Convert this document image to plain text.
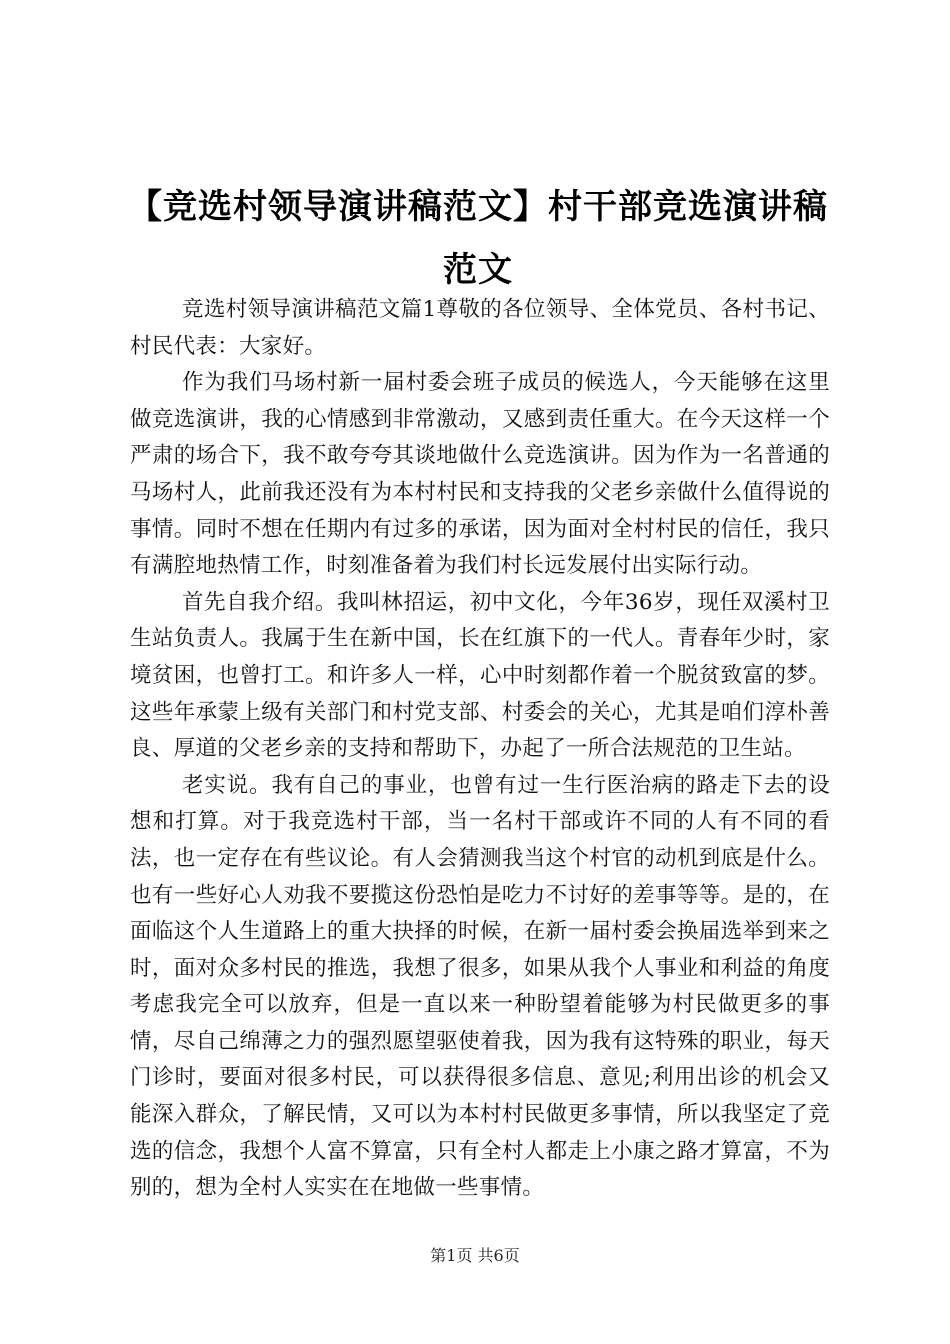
【竞选村领导演讲稿范文】村干部竞选演讲稿范文

竞选村领导演讲稿范文篇1尊敬的各位领导、全体党员、各村书记、村民代表：大家好。

作为我们马场村新一届村委会班子成员的候选人，今天能够在这里做竞选演讲，我的心情感到非常激动，又感到责任重大。在今天这样一个严肃的场合下，我不敢夸夸其谈地做什么竞选演讲。因为作为一名普通的马场村人，此前我还没有为本村村民和支持我的父老乡亲做什么值得说的事情。同时不想在任期内有过多的承诺，因为面对全村村民的信任，我只有满腔地热情工作，时刻准备着为我们村长远发展付出实际行动。

首先自我介绍。我叫林招运，初中文化，今年36岁，现任双溪村卫生站负责人。我属于生在新中国，长在红旗下的一代人。青春年少时，家境贫困，也曾打工。和许多人一样，心中时刻都作着一个脱贫致富的梦。这些年承蒙上级有关部门和村党支部、村委会的关心，尤其是咱们淳朴善良、厚道的父老乡亲的支持和帮助下，办起了一所合法规范的卫生站。

老实说。我有自己的事业，也曾有过一生行医治病的路走下去的设想和打算。对于我竞选村干部，当一名村干部或许不同的人有不同的看法，也一定存在有些议论。有人会猜测我当这个村官的动机到底是什么。也有一些好心人劝我不要揽这份恐怕是吃力不讨好的差事等等。是的，在面临这个人生道路上的重大抉择的时候，在新一届村委会换届选举到来之时，面对众多村民的推选，我想了很多，如果从我个人事业和利益的角度考虑我完全可以放弃，但是一直以来一种盼望着能够为村民做更多的事情，尽自己绵薄之力的强烈愿望驱使着我，因为我有这特殊的职业，每天门诊时，要面对很多村民，可以获得很多信息、意见;利用出诊的机会又能深入群众，了解民情，又可以为本村村民做更多事情，所以我坚定了竞选的信念，我想个人富不算富，只有全村人都走上小康之路才算富，不为别的，想为全村人实实在在地做一些事情。

第1页 共6页
